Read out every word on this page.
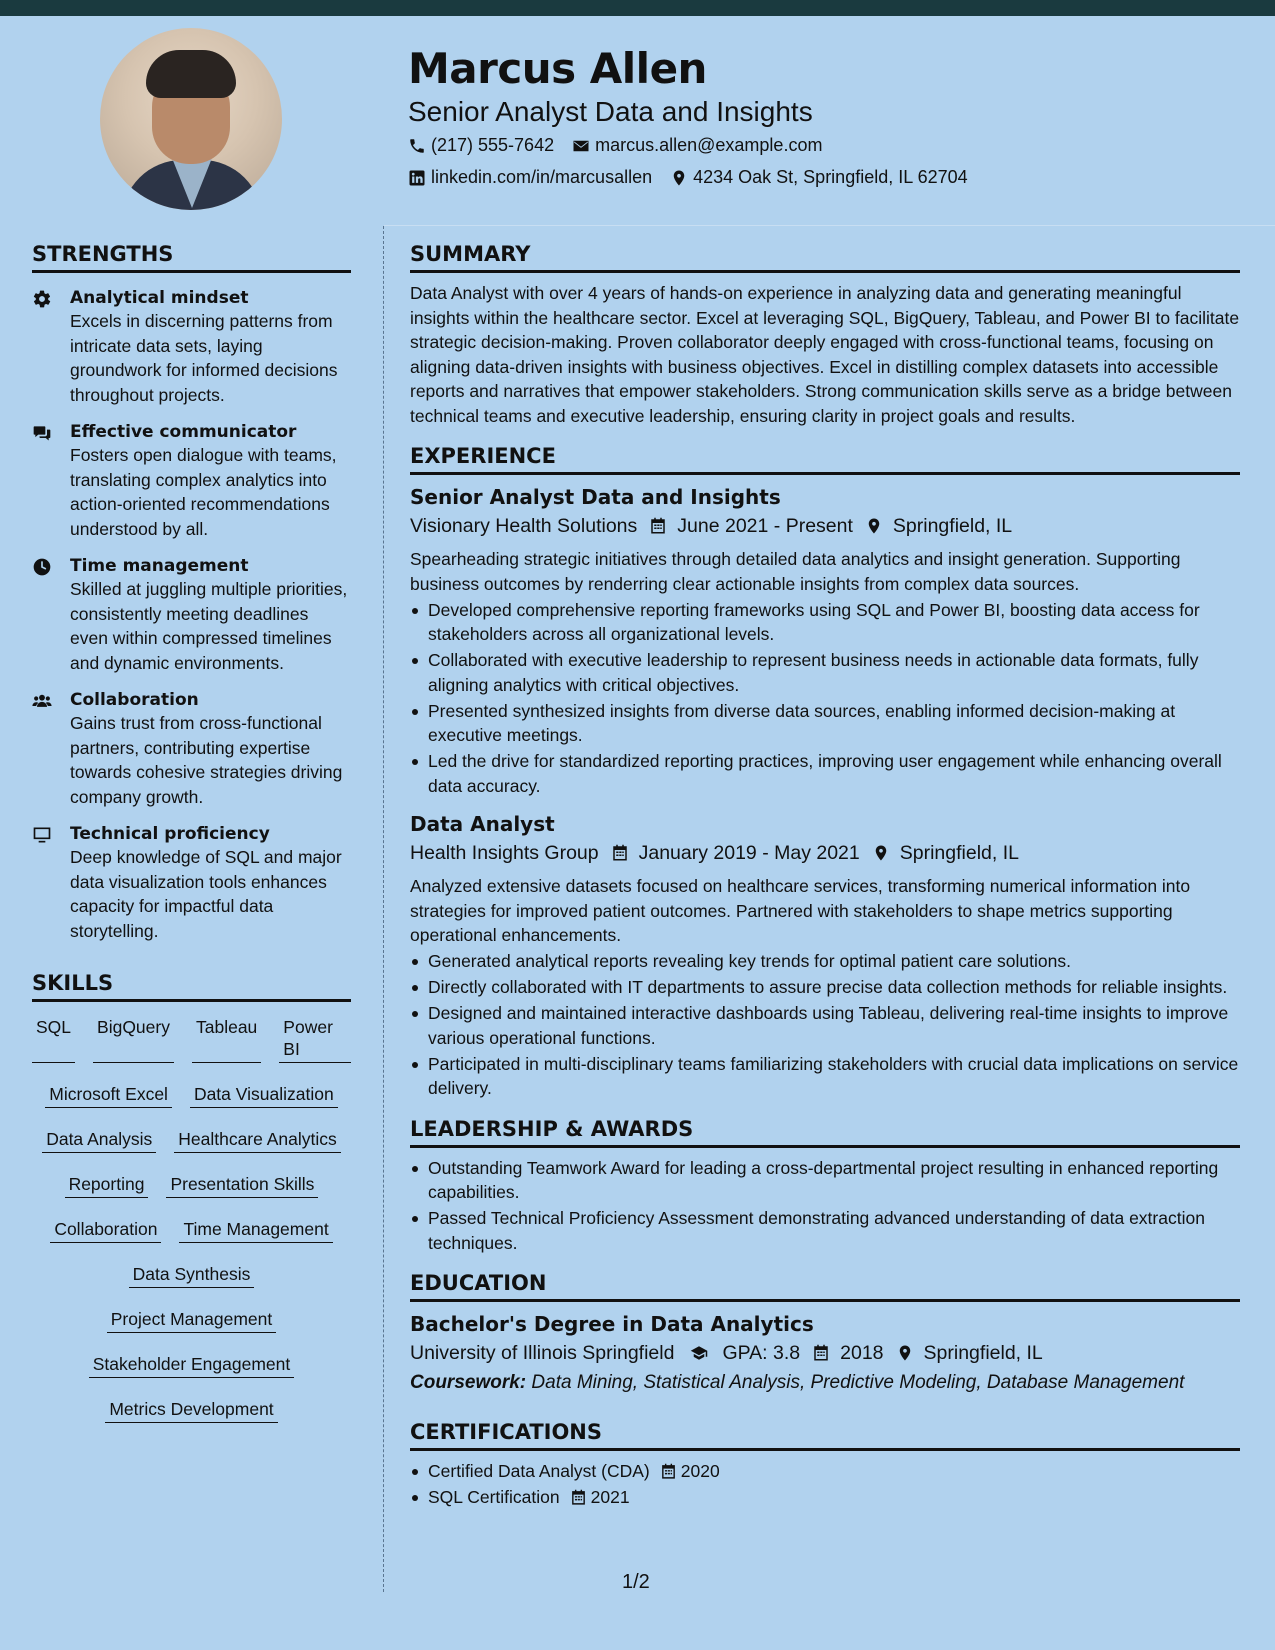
Marcus Allen
Senior Analyst Data and Insights
(217) 555-7642 marcus.allen@example.com
linkedin.com/in/marcusallen 4234 Oak St, Springfield, IL 62704
STRENGTHS
Analytical mindset
Excels in discerning patterns from intricate data sets, laying groundwork for informed decisions throughout projects.
Effective communicator
Fosters open dialogue with teams, translating complex analytics into action-oriented recommendations understood by all.
Time management
Skilled at juggling multiple priorities, consistently meeting deadlines even within compressed timelines and dynamic environments.
Collaboration
Gains trust from cross-functional partners, contributing expertise towards cohesive strategies driving company growth.
Technical proficiency
Deep knowledge of SQL and major data visualization tools enhances capacity for impactful data storytelling.
SKILLS
SQL BigQuery Tableau Power BI
Microsoft Excel Data Visualization
Data Analysis Healthcare Analytics
Reporting Presentation Skills
Collaboration Time Management
Data Synthesis
Project Management
Stakeholder Engagement
Metrics Development
SUMMARY
Data Analyst with over 4 years of hands-on experience in analyzing data and generating meaningful insights within the healthcare sector. Excel at leveraging SQL, BigQuery, Tableau, and Power BI to facilitate strategic decision-making. Proven collaborator deeply engaged with cross-functional teams, focusing on aligning data-driven insights with business objectives. Excel in distilling complex datasets into accessible reports and narratives that empower stakeholders. Strong communication skills serve as a bridge between technical teams and executive leadership, ensuring clarity in project goals and results.
EXPERIENCE
Senior Analyst Data and Insights
Visionary Health Solutions June 2021 - Present Springfield, IL
Spearheading strategic initiatives through detailed data analytics and insight generation. Supporting business outcomes by renderring clear actionable insights from complex data sources.
Developed comprehensive reporting frameworks using SQL and Power BI, boosting data access for stakeholders across all organizational levels.
Collaborated with executive leadership to represent business needs in actionable data formats, fully aligning analytics with critical objectives.
Presented synthesized insights from diverse data sources, enabling informed decision-making at executive meetings.
Led the drive for standardized reporting practices, improving user engagement while enhancing overall data accuracy.
Data Analyst
Health Insights Group January 2019 - May 2021 Springfield, IL
Analyzed extensive datasets focused on healthcare services, transforming numerical information into strategies for improved patient outcomes. Partnered with stakeholders to shape metrics supporting operational enhancements.
Generated analytical reports revealing key trends for optimal patient care solutions.
Directly collaborated with IT departments to assure precise data collection methods for reliable insights.
Designed and maintained interactive dashboards using Tableau, delivering real-time insights to improve various operational functions.
Participated in multi-disciplinary teams familiarizing stakeholders with crucial data implications on service delivery.
LEADERSHIP & AWARDS
Outstanding Teamwork Award for leading a cross-departmental project resulting in enhanced reporting capabilities.
Passed Technical Proficiency Assessment demonstrating advanced understanding of data extraction techniques.
EDUCATION
Bachelor's Degree in Data Analytics
University of Illinois Springfield GPA: 3.8 2018 Springfield, IL
Coursework: Data Mining, Statistical Analysis, Predictive Modeling, Database Management
CERTIFICATIONS
Certified Data Analyst (CDA) 2020
SQL Certification 2021
1/2
